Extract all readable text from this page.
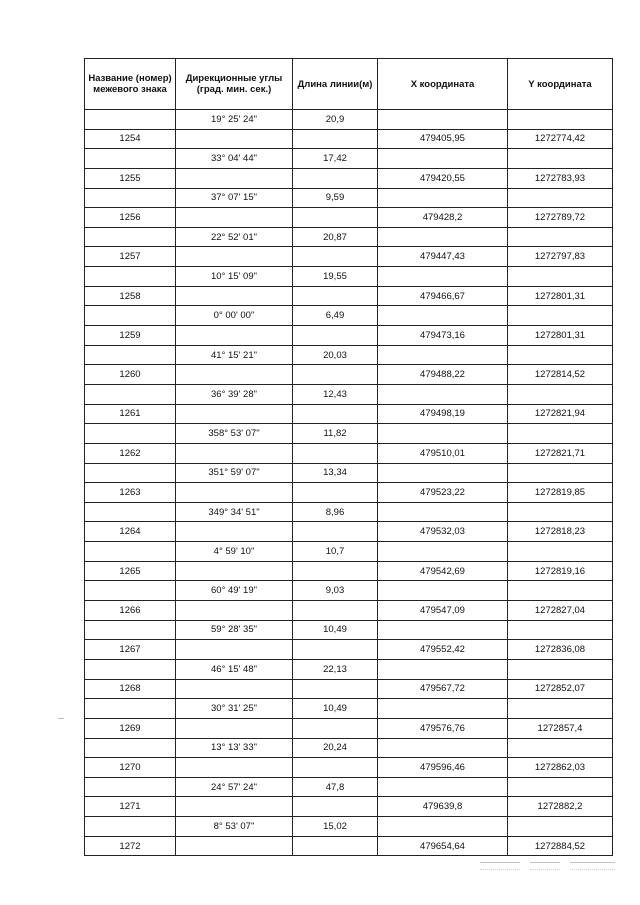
Название (номер) межевого знака	Дирекционные углы (град. мин. сек.)	Длина линии(м)	X координата	Y координата
	19° 25' 24"	20,9		
1254			479405,95	1272774,42
	33° 04' 44"	17,42		
1255			479420,55	1272783,93
	37° 07' 15"	9,59		
1256			479428,2	1272789,72
	22° 52' 01"	20,87		
1257			479447,43	1272797,83
	10° 15' 09"	19,55		
1258			479466,67	1272801,31
	0° 00' 00"	6,49		
1259			479473,16	1272801,31
	41° 15' 21"	20,03		
1260			479488,22	1272814,52
	36° 39' 28"	12,43		
1261			479498,19	1272821,94
	358° 53' 07"	11,82		
1262			479510,01	1272821,71
	351° 59' 07"	13,34		
1263			479523,22	1272819,85
	349° 34' 51"	8,96		
1264			479532,03	1272818,23
	4° 59' 10"	10,7		
1265			479542,69	1272819,16
	60° 49' 19"	9,03		
1266			479547,09	1272827,04
	59° 28' 35"	10,49		
1267			479552,42	1272836,08
	46° 15' 48"	22,13		
1268			479567,72	1272852,07
	30° 31' 25"	10,49		
1269			479576,76	1272857,4
	13° 13' 33"	20,24		
1270			479596,46	1272862,03
	24° 57' 24"	47,8		
1271			479639,8	1272882,2
	8° 53' 07"	15,02		
1272			479654,64	1272884,52
